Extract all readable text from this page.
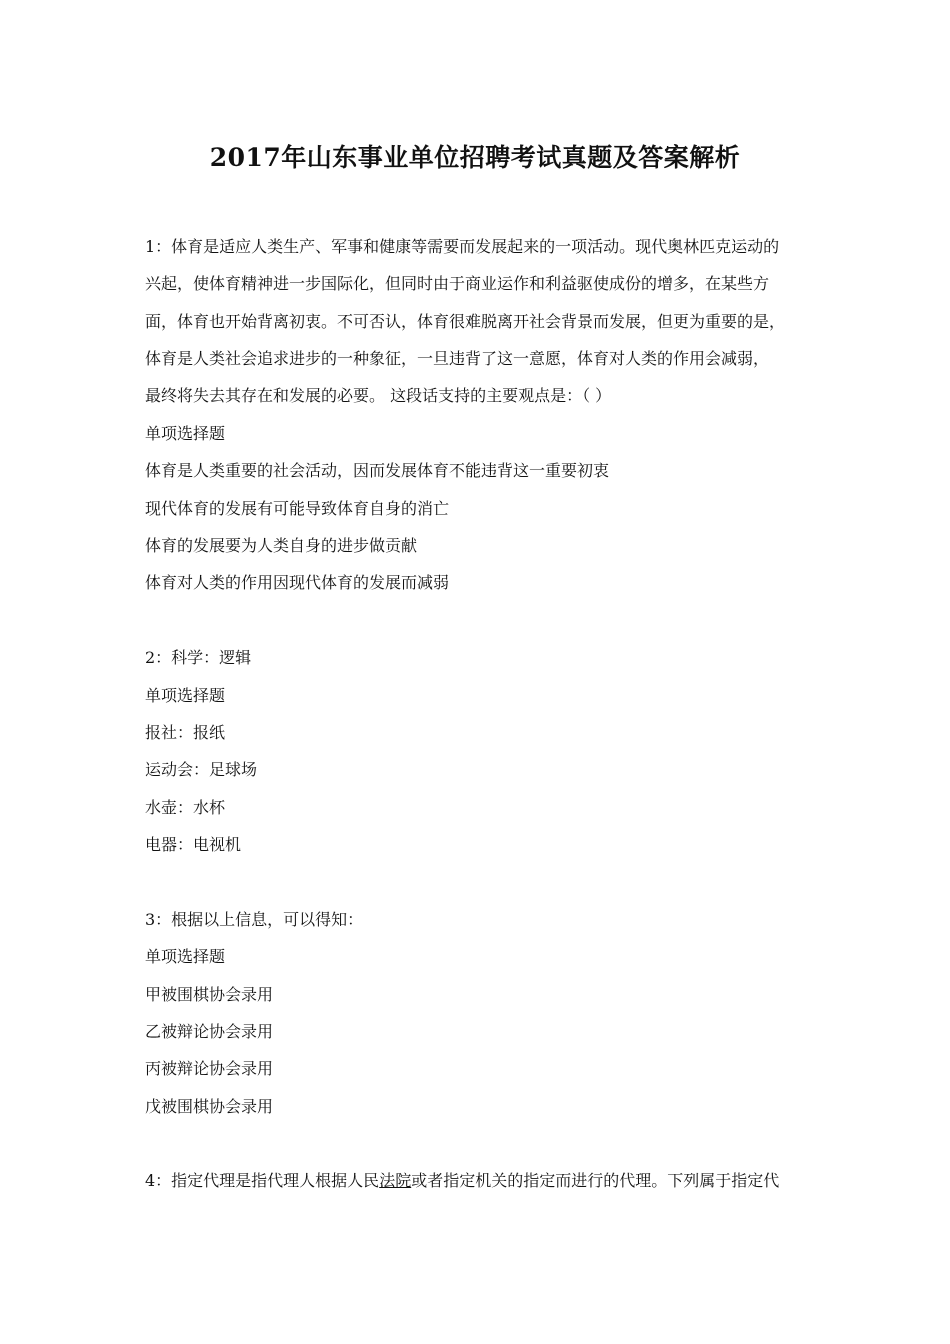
2017年山东事业单位招聘考试真题及答案解析
1：体育是适应人类生产、军事和健康等需要而发展起来的一项活动。现代奥林匹克运动的
兴起，使体育精神进一步国际化，但同时由于商业运作和利益驱使成份的增多，在某些方
面，体育也开始背离初衷。不可否认，体育很难脱离开社会背景而发展，但更为重要的是，
体育是人类社会追求进步的一种象征，一旦违背了这一意愿，体育对人类的作用会减弱，
最终将失去其存在和发展的必要。 这段话支持的主要观点是：（ ）
单项选择题
体育是人类重要的社会活动，因而发展体育不能违背这一重要初衷
现代体育的发展有可能导致体育自身的消亡
体育的发展要为人类自身的进步做贡献
体育对人类的作用因现代体育的发展而减弱
2：科学：逻辑
单项选择题
报社：报纸
运动会：足球场
水壶：水杯
电器：电视机
3：根据以上信息，可以得知：
单项选择题
甲被围棋协会录用
乙被辩论协会录用
丙被辩论协会录用
戊被围棋协会录用
4：指定代理是指代理人根据人民法院或者指定机关的指定而进行的代理。下列属于指定代
